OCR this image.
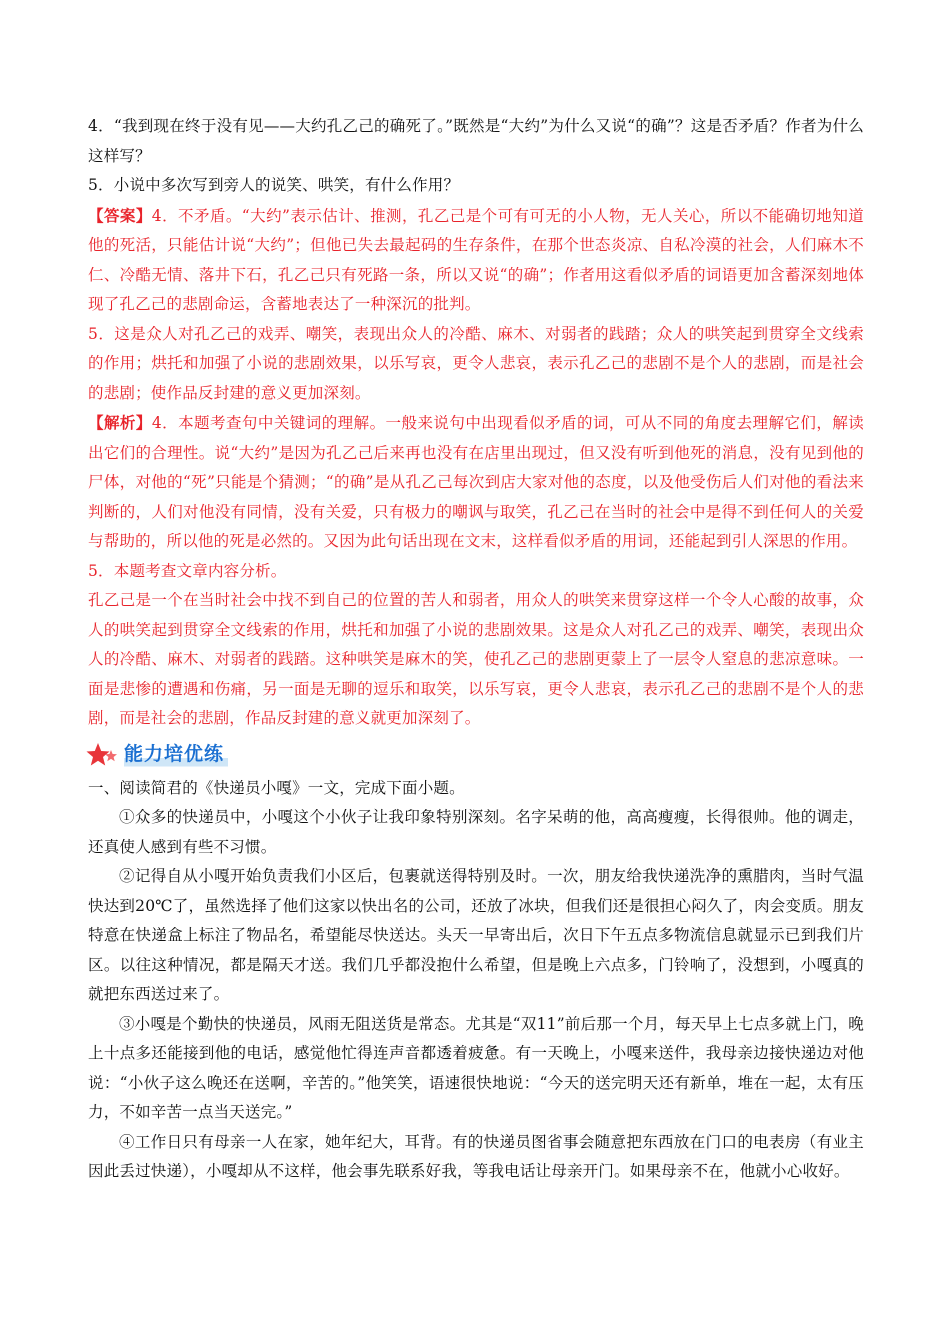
4．“我到现在终于没有见——大约孔乙己的确死了。”既然是“大约”为什么又说“的确”？这是否矛盾？作者为什么这样写？

5．小说中多次写到旁人的说笑、哄笑，有什么作用？

【答案】4．不矛盾。“大约”表示估计、推测，孔乙己是个可有可无的小人物，无人关心，所以不能确切地知道他的死活，只能估计说“大约”；但他已失去最起码的生存条件，在那个世态炎凉、自私冷漠的社会，人们麻木不仁、冷酷无情、落井下石，孔乙己只有死路一条，所以又说“的确”；作者用这看似矛盾的词语更加含蓄深刻地体现了孔乙己的悲剧命运，含蓄地表达了一种深沉的批判。

5．这是众人对孔乙己的戏弄、嘲笑，表现出众人的冷酷、麻木、对弱者的践踏；众人的哄笑起到贯穿全文线索的作用；烘托和加强了小说的悲剧效果，以乐写哀，更令人悲哀，表示孔乙己的悲剧不是个人的悲剧，而是社会的悲剧；使作品反封建的意义更加深刻。

【解析】4．本题考查句中关键词的理解。一般来说句中出现看似矛盾的词，可从不同的角度去理解它们，解读出它们的合理性。说“大约”是因为孔乙己后来再也没有在店里出现过，但又没有听到他死的消息，没有见到他的尸体，对他的“死”只能是个猜测；“的确”是从孔乙己每次到店大家对他的态度，以及他受伤后人们对他的看法来判断的，人们对他没有同情，没有关爱，只有极力的嘲讽与取笑，孔乙己在当时的社会中是得不到任何人的关爱与帮助的，所以他的死是必然的。又因为此句话出现在文末，这样看似矛盾的用词，还能起到引人深思的作用。

5．本题考查文章内容分析。

孔乙己是一个在当时社会中找不到自己的位置的苦人和弱者，用众人的哄笑来贯穿这样一个令人心酸的故事，众人的哄笑起到贯穿全文线索的作用，烘托和加强了小说的悲剧效果。这是众人对孔乙己的戏弄、嘲笑，表现出众人的冷酷、麻木、对弱者的践踏。这种哄笑是麻木的笑，使孔乙己的悲剧更蒙上了一层令人窒息的悲凉意味。一面是悲惨的遭遇和伤痛，另一面是无聊的逗乐和取笑，以乐写哀，更令人悲哀，表示孔乙己的悲剧不是个人的悲剧，而是社会的悲剧，作品反封建的意义就更加深刻了。

能力培优练

一、阅读简君的《快递员小嘎》一文，完成下面小题。

①众多的快递员中，小嘎这个小伙子让我印象特别深刻。名字呆萌的他，高高瘦瘦，长得很帅。他的调走，还真使人感到有些不习惯。

②记得自从小嘎开始负责我们小区后，包裹就送得特别及时。一次，朋友给我快递洗净的熏腊肉，当时气温快达到20℃了，虽然选择了他们这家以快出名的公司，还放了冰块，但我们还是很担心闷久了，肉会变质。朋友特意在快递盒上标注了物品名，希望能尽快送达。头天一早寄出后，次日下午五点多物流信息就显示已到我们片区。以往这种情况，都是隔天才送。我们几乎都没抱什么希望，但是晚上六点多，门铃响了，没想到，小嘎真的就把东西送过来了。

③小嘎是个勤快的快递员，风雨无阻送货是常态。尤其是“双11”前后那一个月，每天早上七点多就上门，晚上十点多还能接到他的电话，感觉他忙得连声音都透着疲惫。有一天晚上，小嘎来送件，我母亲边接快递边对他说：“小伙子这么晚还在送啊，辛苦的。”他笑笑，语速很快地说：“今天的送完明天还有新单，堆在一起，太有压力，不如辛苦一点当天送完。”

④工作日只有母亲一人在家，她年纪大，耳背。有的快递员图省事会随意把东西放在门口的电表房（有业主因此丢过快递），小嘎却从不这样，他会事先联系好我，等我电话让母亲开门。如果母亲不在，他就小心收好。
